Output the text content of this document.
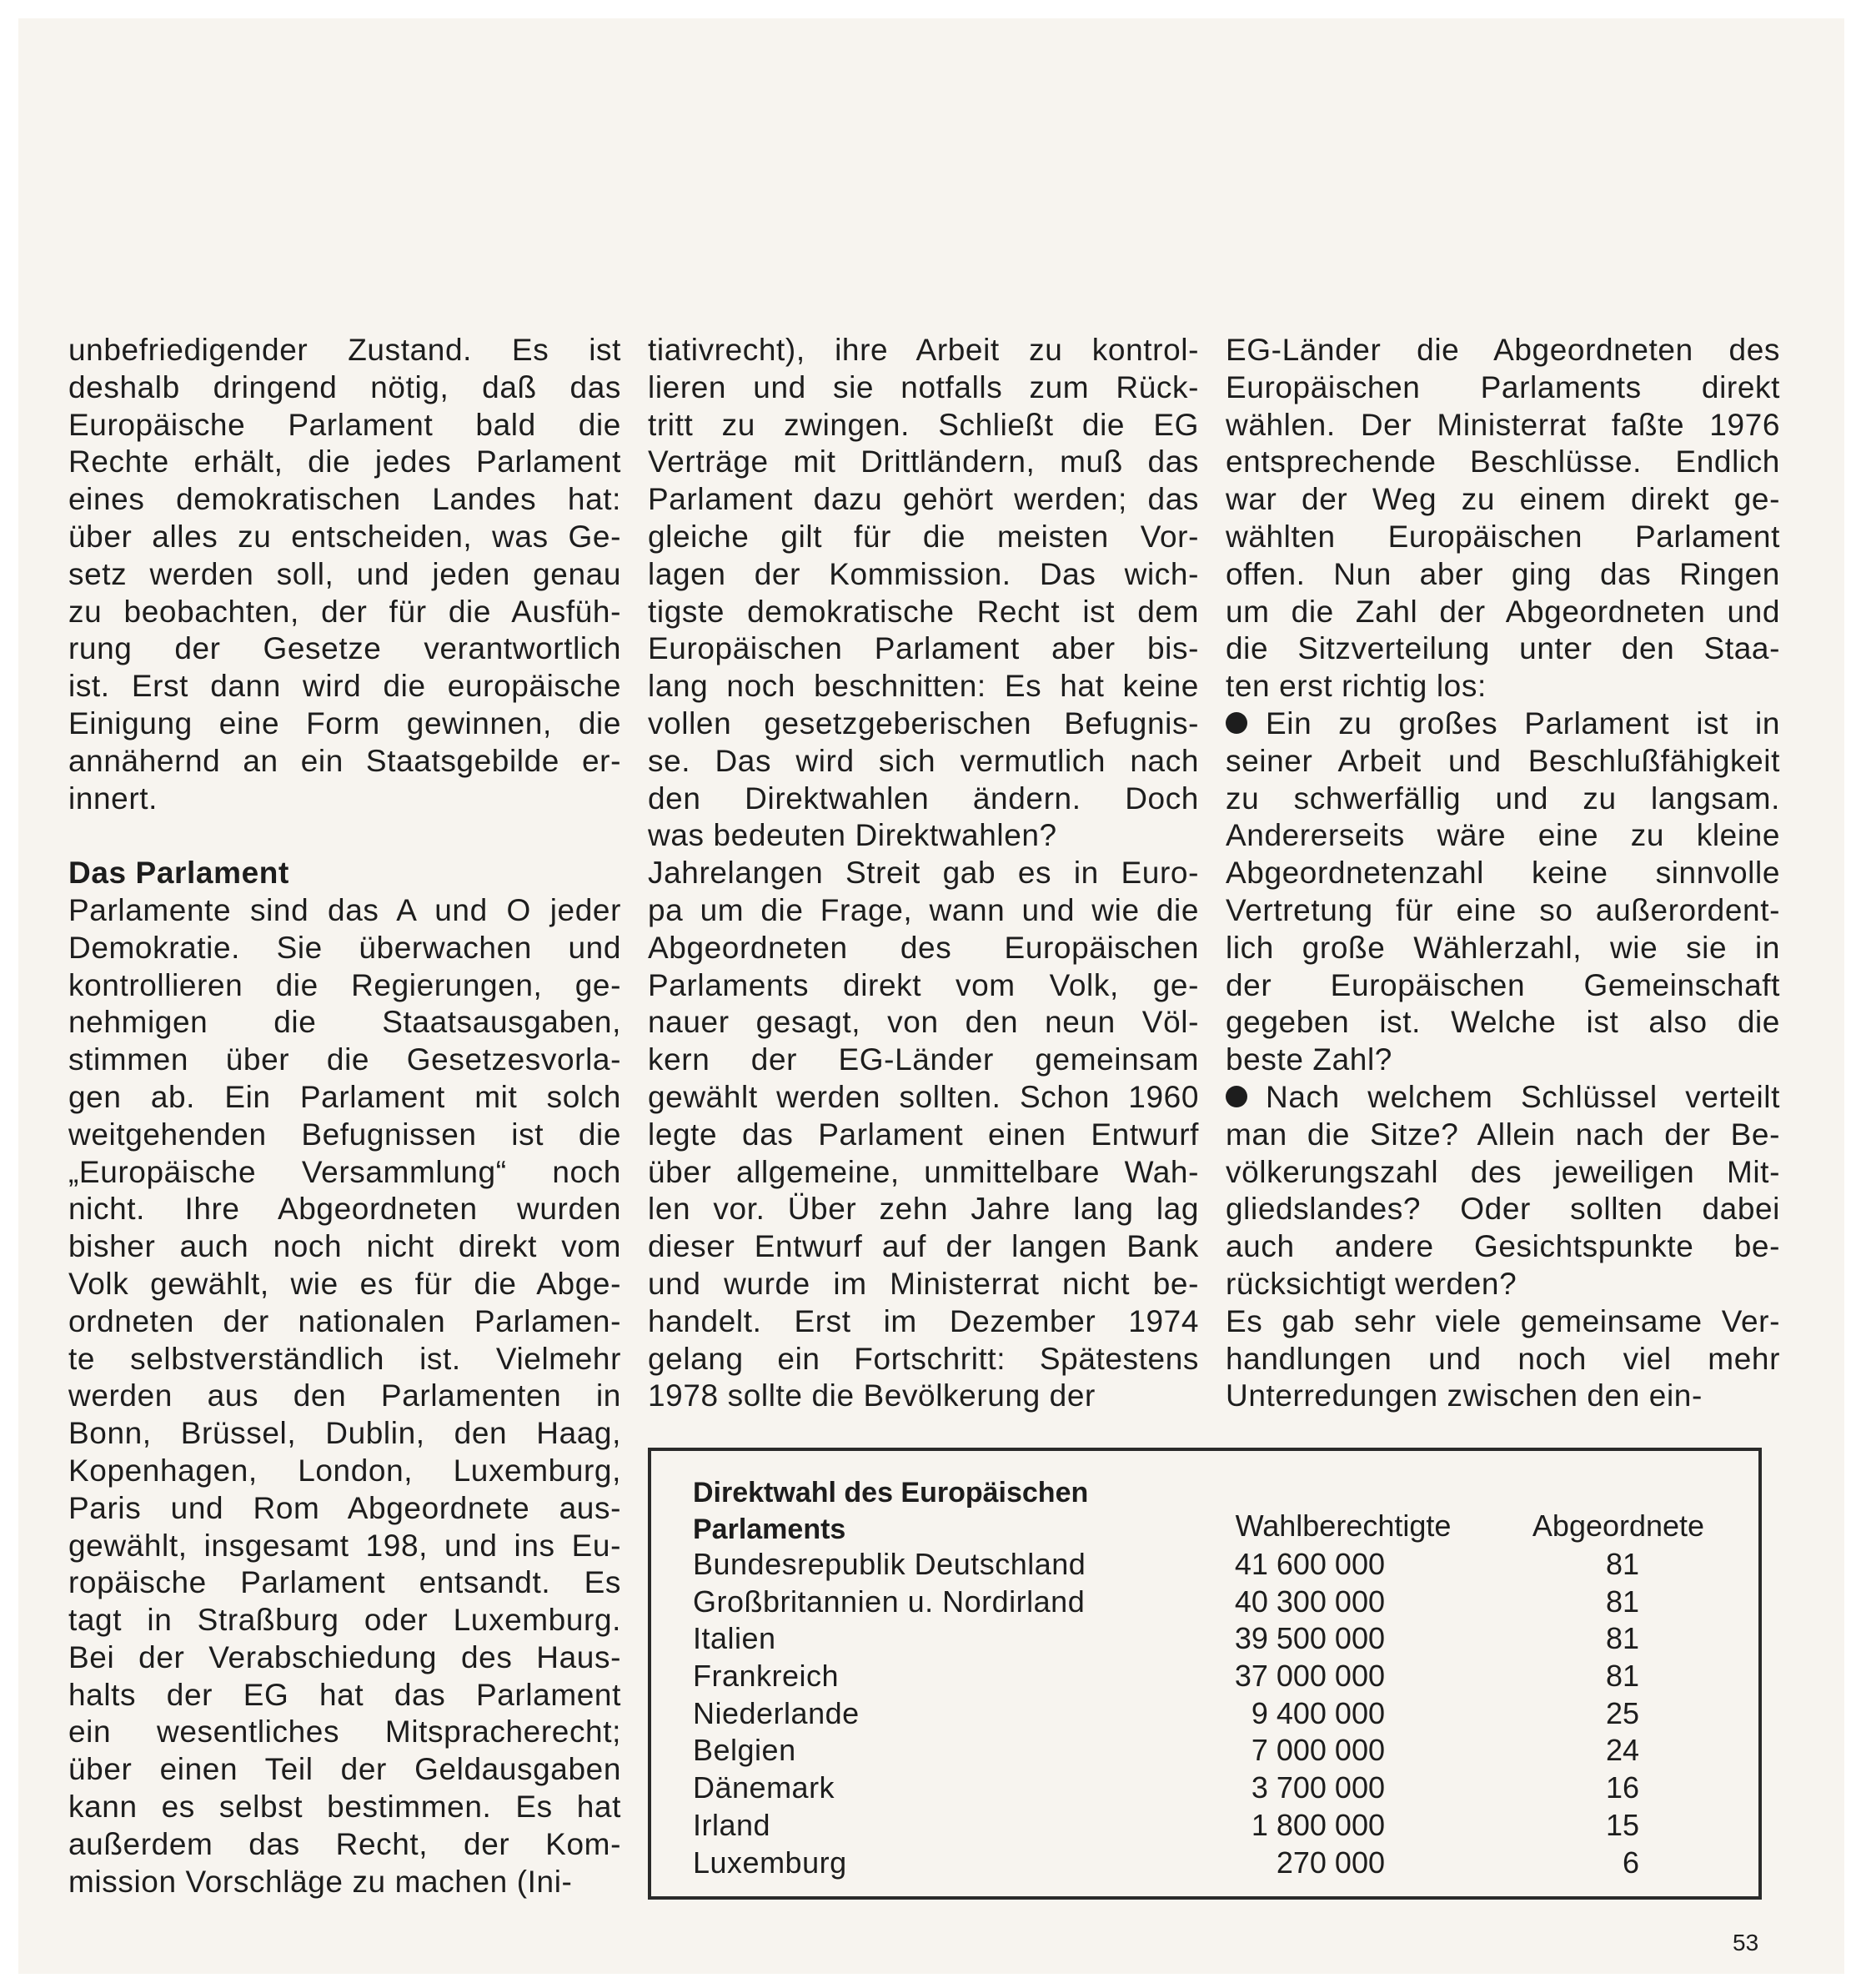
unbefriedigender Zustand. Es ist
deshalb dringend nötig, daß das
Europäische Parlament bald die
Rechte erhält, die jedes Parlament
eines demokratischen Landes hat:
über alles zu entscheiden, was Ge-
setz werden soll, und jeden genau
zu beobachten, der für die Ausfüh-
rung der Gesetze verantwortlich
ist. Erst dann wird die europäische
Einigung eine Form gewinnen, die
annähernd an ein Staatsgebilde er-
innert.
Das Parlament
Parlamente sind das A und O jeder
Demokratie. Sie überwachen und
kontrollieren die Regierungen, ge-
nehmigen die Staatsausgaben,
stimmen über die Gesetzesvorla-
gen ab. Ein Parlament mit solch
weitgehenden Befugnissen ist die
„Europäische Versammlung“ noch
nicht. Ihre Abgeordneten wurden
bisher auch noch nicht direkt vom
Volk gewählt, wie es für die Abge-
ordneten der nationalen Parlamen-
te selbstverständlich ist. Vielmehr
werden aus den Parlamenten in
Bonn, Brüssel, Dublin, den Haag,
Kopenhagen, London, Luxemburg,
Paris und Rom Abgeordnete aus-
gewählt, insgesamt 198, und ins Eu-
ropäische Parlament entsandt. Es
tagt in Straßburg oder Luxemburg.
Bei der Verabschiedung des Haus-
halts der EG hat das Parlament
ein wesentliches Mitspracherecht;
über einen Teil der Geldausgaben
kann es selbst bestimmen. Es hat
außerdem das Recht, der Kom-
mission Vorschläge zu machen (Ini-
tiativrecht), ihre Arbeit zu kontrol-
lieren und sie notfalls zum Rück-
tritt zu zwingen. Schließt die EG
Verträge mit Drittländern, muß das
Parlament dazu gehört werden; das
gleiche gilt für die meisten Vor-
lagen der Kommission. Das wich-
tigste demokratische Recht ist dem
Europäischen Parlament aber bis-
lang noch beschnitten: Es hat keine
vollen gesetzgeberischen Befugnis-
se. Das wird sich vermutlich nach
den Direktwahlen ändern. Doch
was bedeuten Direktwahlen?
Jahrelangen Streit gab es in Euro-
pa um die Frage, wann und wie die
Abgeordneten des Europäischen
Parlaments direkt vom Volk, ge-
nauer gesagt, von den neun Völ-
kern der EG-Länder gemeinsam
gewählt werden sollten. Schon 1960
legte das Parlament einen Entwurf
über allgemeine, unmittelbare Wah-
len vor. Über zehn Jahre lang lag
dieser Entwurf auf der langen Bank
und wurde im Ministerrat nicht be-
handelt. Erst im Dezember 1974
gelang ein Fortschritt: Spätestens
1978 sollte die Bevölkerung der
EG-Länder die Abgeordneten des
Europäischen Parlaments direkt
wählen. Der Ministerrat faßte 1976
entsprechende Beschlüsse. Endlich
war der Weg zu einem direkt ge-
wählten Europäischen Parlament
offen. Nun aber ging das Ringen
um die Zahl der Abgeordneten und
die Sitzverteilung unter den Staa-
ten erst richtig los:
Ein zu großes Parlament ist in
seiner Arbeit und Beschlußfähigkeit
zu schwerfällig und zu langsam.
Andererseits wäre eine zu kleine
Abgeordnetenzahl keine sinnvolle
Vertretung für eine so außerordent-
lich große Wählerzahl, wie sie in
der Europäischen Gemeinschaft
gegeben ist. Welche ist also die
beste Zahl?
Nach welchem Schlüssel verteilt
man die Sitze? Allein nach der Be-
völkerungszahl des jeweiligen Mit-
gliedslandes? Oder sollten dabei
auch andere Gesichtspunkte be-
rücksichtigt werden?
Es gab sehr viele gemeinsame Ver-
handlungen und noch viel mehr
Unterredungen zwischen den ein-
Direktwahl des Europäischen
Parlaments	Wahlberechtigte	Abgeordnete
Bundesrepublik Deutschland	41 600 000	81
Großbritannien u. Nordirland	40 300 000	81
Italien	39 500 000	81
Frankreich	37 000 000	81
Niederlande	9 400 000	25
Belgien	7 000 000	24
Dänemark	3 700 000	16
Irland	1 800 000	15
Luxemburg	270 000	6
53
